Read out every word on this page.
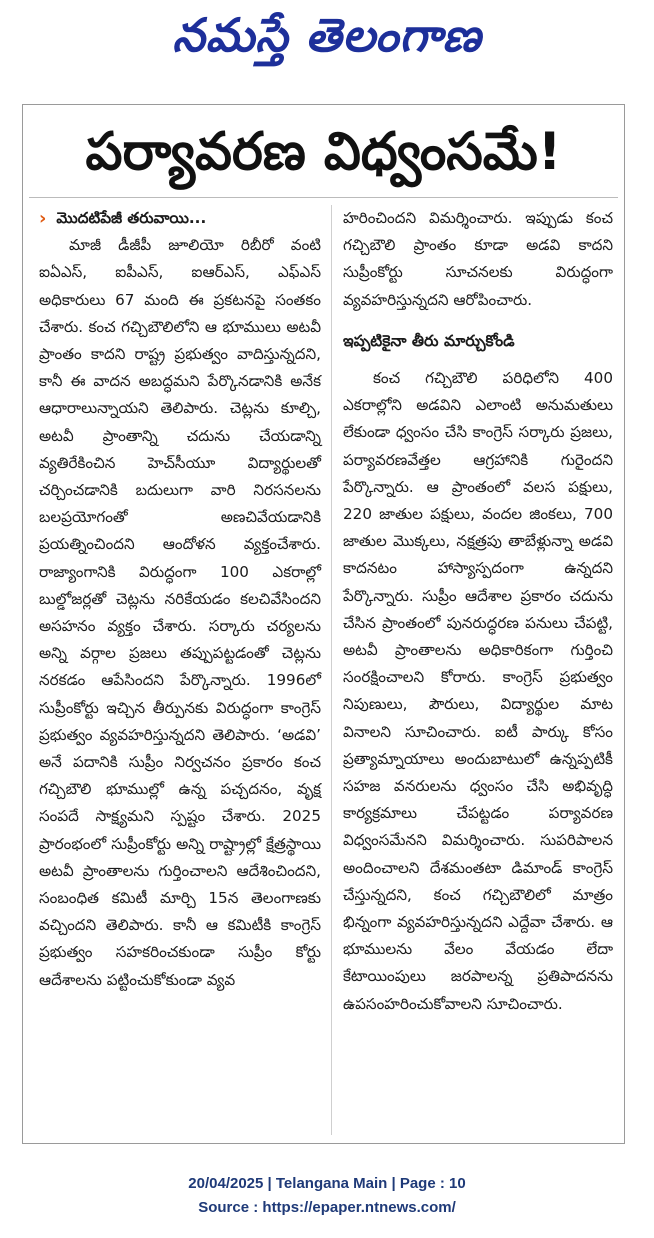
నమస్తే తెలంగాణ
పర్యావరణ విధ్వంసమే!
› మొదటిపేజీ తరువాయి...

మాజీ డీజీపీ జూలియో రిబీరో వంటి ఐఏఎస్, ఐపీఎస్, ఐఆర్ఎస్, ఎఫ్ఎస్ అధికారులు 67 మంది ఈ ప్రకటనపై సంతకం చేశారు. కంచ గచ్చిబౌలిలోని ఆ భూములు అటవీ ప్రాంతం కాదని రాష్ట్ర ప్రభుత్వం వాదిస్తున్నదని, కానీ ఈ వాదన అబద్ధమని పేర్కొనడానికి అనేక ఆధారాలున్నాయని తెలిపారు. చెట్లను కూల్చి, అటవీ ప్రాంతాన్ని చదును చేయడాన్ని వ్యతిరేకించిన హెచ్‌సీయూ విద్యార్థులతో చర్చించడానికి బదులుగా వారి నిరసనలను బలప్రయోగంతో అణచివేయడానికి ప్రయత్నించిందని ఆందోళన వ్యక్తంచేశారు. రాజ్యాంగానికి విరుద్ధంగా 100 ఎకరాల్లో బుల్డోజర్లతో చెట్లను నరికేయడం కలచివేసిందని అసహనం వ్యక్తం చేశారు. సర్కారు చర్యలను అన్ని వర్గాల ప్రజలు తప్పుపట్టడంతో చెట్లను నరకడం ఆపేసిందని పేర్కొన్నారు. 1996లో సుప్రీంకోర్టు ఇచ్చిన తీర్పునకు విరుద్ధంగా కాంగ్రెస్ ప్రభుత్వం వ్యవహరిస్తున్నదని తెలిపారు. ‘అడవి’ అనే పదానికి సుప్రీం నిర్వచనం ప్రకారం కంచ గచ్చిబౌలి భూముల్లో ఉన్న పచ్చదనం, వృక్ష సంపదే సాక్ష్యమని స్పష్టం చేశారు. 2025 ప్రారంభంలో సుప్రీంకోర్టు అన్ని రాష్ట్రాల్లో క్షేత్రస్థాయి అటవీ ప్రాంతాలను గుర్తించాలని ఆదేశించిందని, సంబంధిత కమిటీ మార్చి 15న తెలంగాణకు వచ్చిందని తెలిపారు. కానీ ఆ కమిటీకి కాంగ్రెస్ ప్రభుత్వం సహకరించకుండా సుప్రీం కోర్టు ఆదేశాలను పట్టించుకోకుండా వ్యవ

హరించిందని విమర్శించారు. ఇప్పుడు కంచ గచ్చిబౌలి ప్రాంతం కూడా అడవి కాదని సుప్రీంకోర్టు సూచనలకు విరుద్ధంగా వ్యవహరిస్తున్నదని ఆరోపించారు.

ఇప్పటికైనా తీరు మార్చుకోండి

కంచ గచ్చిబౌలి పరిధిలోని 400 ఎకరాల్లోని అడవిని ఎలాంటి అనుమతులు లేకుండా ధ్వంసం చేసి కాంగ్రెస్ సర్కారు ప్రజలు, పర్యావరణవేత్తల ఆగ్రహానికి గురైందని పేర్కొన్నారు. ఆ ప్రాంతంలో వలస పక్షులు, 220 జాతుల పక్షులు, వందల జింకలు, 700 జాతుల మొక్కలు, నక్షత్రపు తాబేళ్లున్నా అడవి కాదనటం హాస్యాస్పదంగా ఉన్నదని పేర్కొన్నారు. సుప్రీం ఆదేశాల ప్రకారం చదును చేసిన ప్రాంతంలో పునరుద్ధరణ పనులు చేపట్టి, అటవీ ప్రాంతాలను అధికారికంగా గుర్తించి సంరక్షించాలని కోరారు. కాంగ్రెస్ ప్రభుత్వం నిపుణులు, పౌరులు, విద్యార్థుల మాట వినాలని సూచించారు. ఐటీ పార్కు కోసం ప్రత్యామ్నాయాలు అందుబాటులో ఉన్నప్పటికీ సహజ వనరులను ధ్వంసం చేసి అభివృద్ధి కార్యక్రమాలు చేపట్టడం పర్యావరణ విధ్వంసమేనని విమర్శించారు. సుపరిపాలన అందించాలని దేశమంతటా డిమాండ్ కాంగ్రెస్ చేస్తున్నదని, కంచ గచ్చిబౌలిలో మాత్రం భిన్నంగా వ్యవహరిస్తున్నదని ఎద్దేవా చేశారు. ఆ భూములను వేలం వేయడం లేదా కేటాయింపులు జరపాలన్న ప్రతిపాదనను ఉపసంహరించుకోవాలని సూచించారు.

20/04/2025 | Telangana Main | Page : 10
Source : https://epaper.ntnews.com/
